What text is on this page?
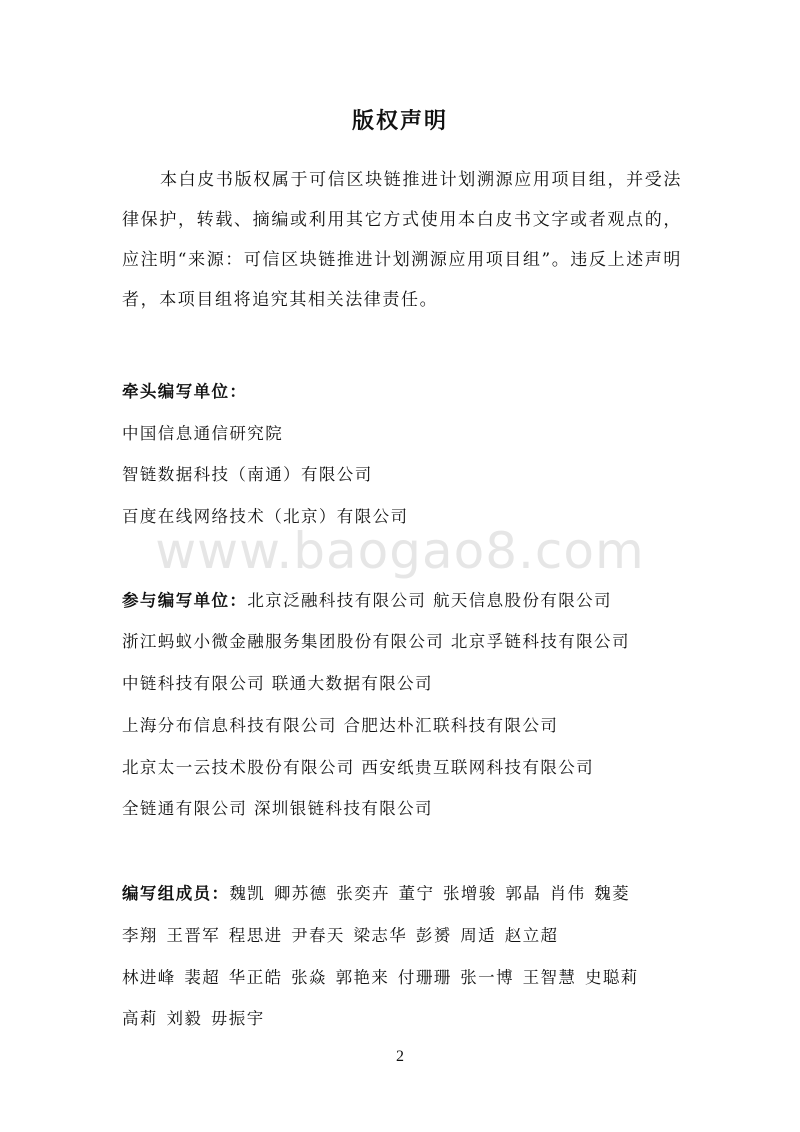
版权声明
本白皮书版权属于可信区块链推进计划溯源应用项目组，并受法律保护，转载、摘编或利用其它方式使用本白皮书文字或者观点的，应注明“来源：可信区块链推进计划溯源应用项目组”。违反上述声明者，本项目组将追究其相关法律责任。
牵头编写单位：
中国信息通信研究院
智链数据科技（南通）有限公司
百度在线网络技术（北京）有限公司
www.baogao8.com
参与编写单位：北京泛融科技有限公司 航天信息股份有限公司
浙江蚂蚁小微金融服务集团股份有限公司 北京孚链科技有限公司
中链科技有限公司 联通大数据有限公司
上海分布信息科技有限公司 合肥达朴汇联科技有限公司
北京太一云技术股份有限公司 西安纸贵互联网科技有限公司
全链通有限公司 深圳银链科技有限公司
编写组成员：魏凯 卿苏德 张奕卉 董宁 张增骏 郭晶 肖伟 魏菱
李翔 王晋军 程思进 尹春天 梁志华 彭赟 周适 赵立超
林进峰 裴超 华正皓 张焱 郭艳来 付珊珊 张一博 王智慧 史聪莉
高莉 刘毅 毋振宇
2
